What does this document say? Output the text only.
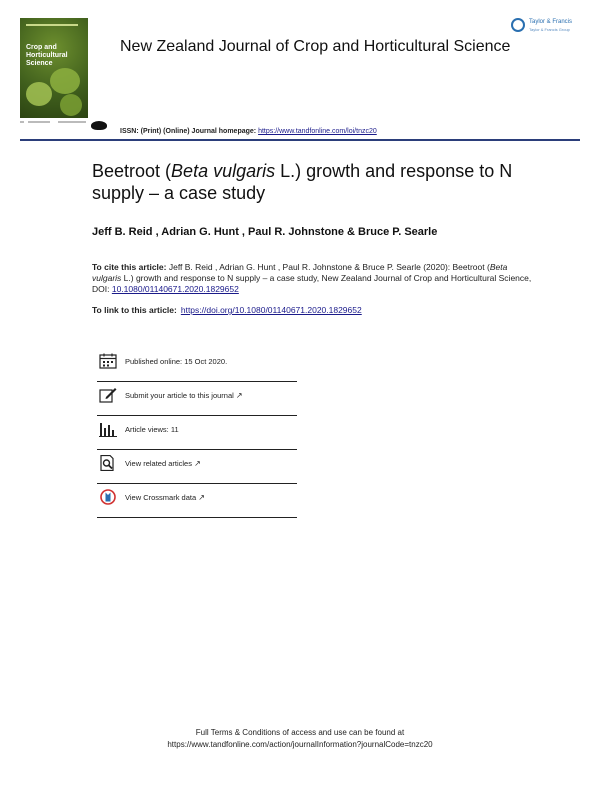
Crop and
Horticultural
Science
New Zealand Journal of Crop and Horticultural Science
Taylor & Francis
Taylor & Francis Group
ISSN: (Print) (Online) Journal homepage: https://www.tandfonline.com/loi/tnzc20
Beetroot (Beta vulgaris L.) growth and response to N supply – a case study
Jeff B. Reid , Adrian G. Hunt , Paul R. Johnstone & Bruce P. Searle
To cite this article: Jeff B. Reid , Adrian G. Hunt , Paul R. Johnstone & Bruce P. Searle (2020): Beetroot (Beta vulgaris L.) growth and response to N supply – a case study, New Zealand Journal of Crop and Horticultural Science, DOI: 10.1080/01140671.2020.1829652
To link to this article: https://doi.org/10.1080/01140671.2020.1829652
Published online: 15 Oct 2020.
Submit your article to this journal ↗
Article views: 11
View related articles ↗
View Crossmark data ↗
Full Terms & Conditions of access and use can be found at
https://www.tandfonline.com/action/journalInformation?journalCode=tnzc20
